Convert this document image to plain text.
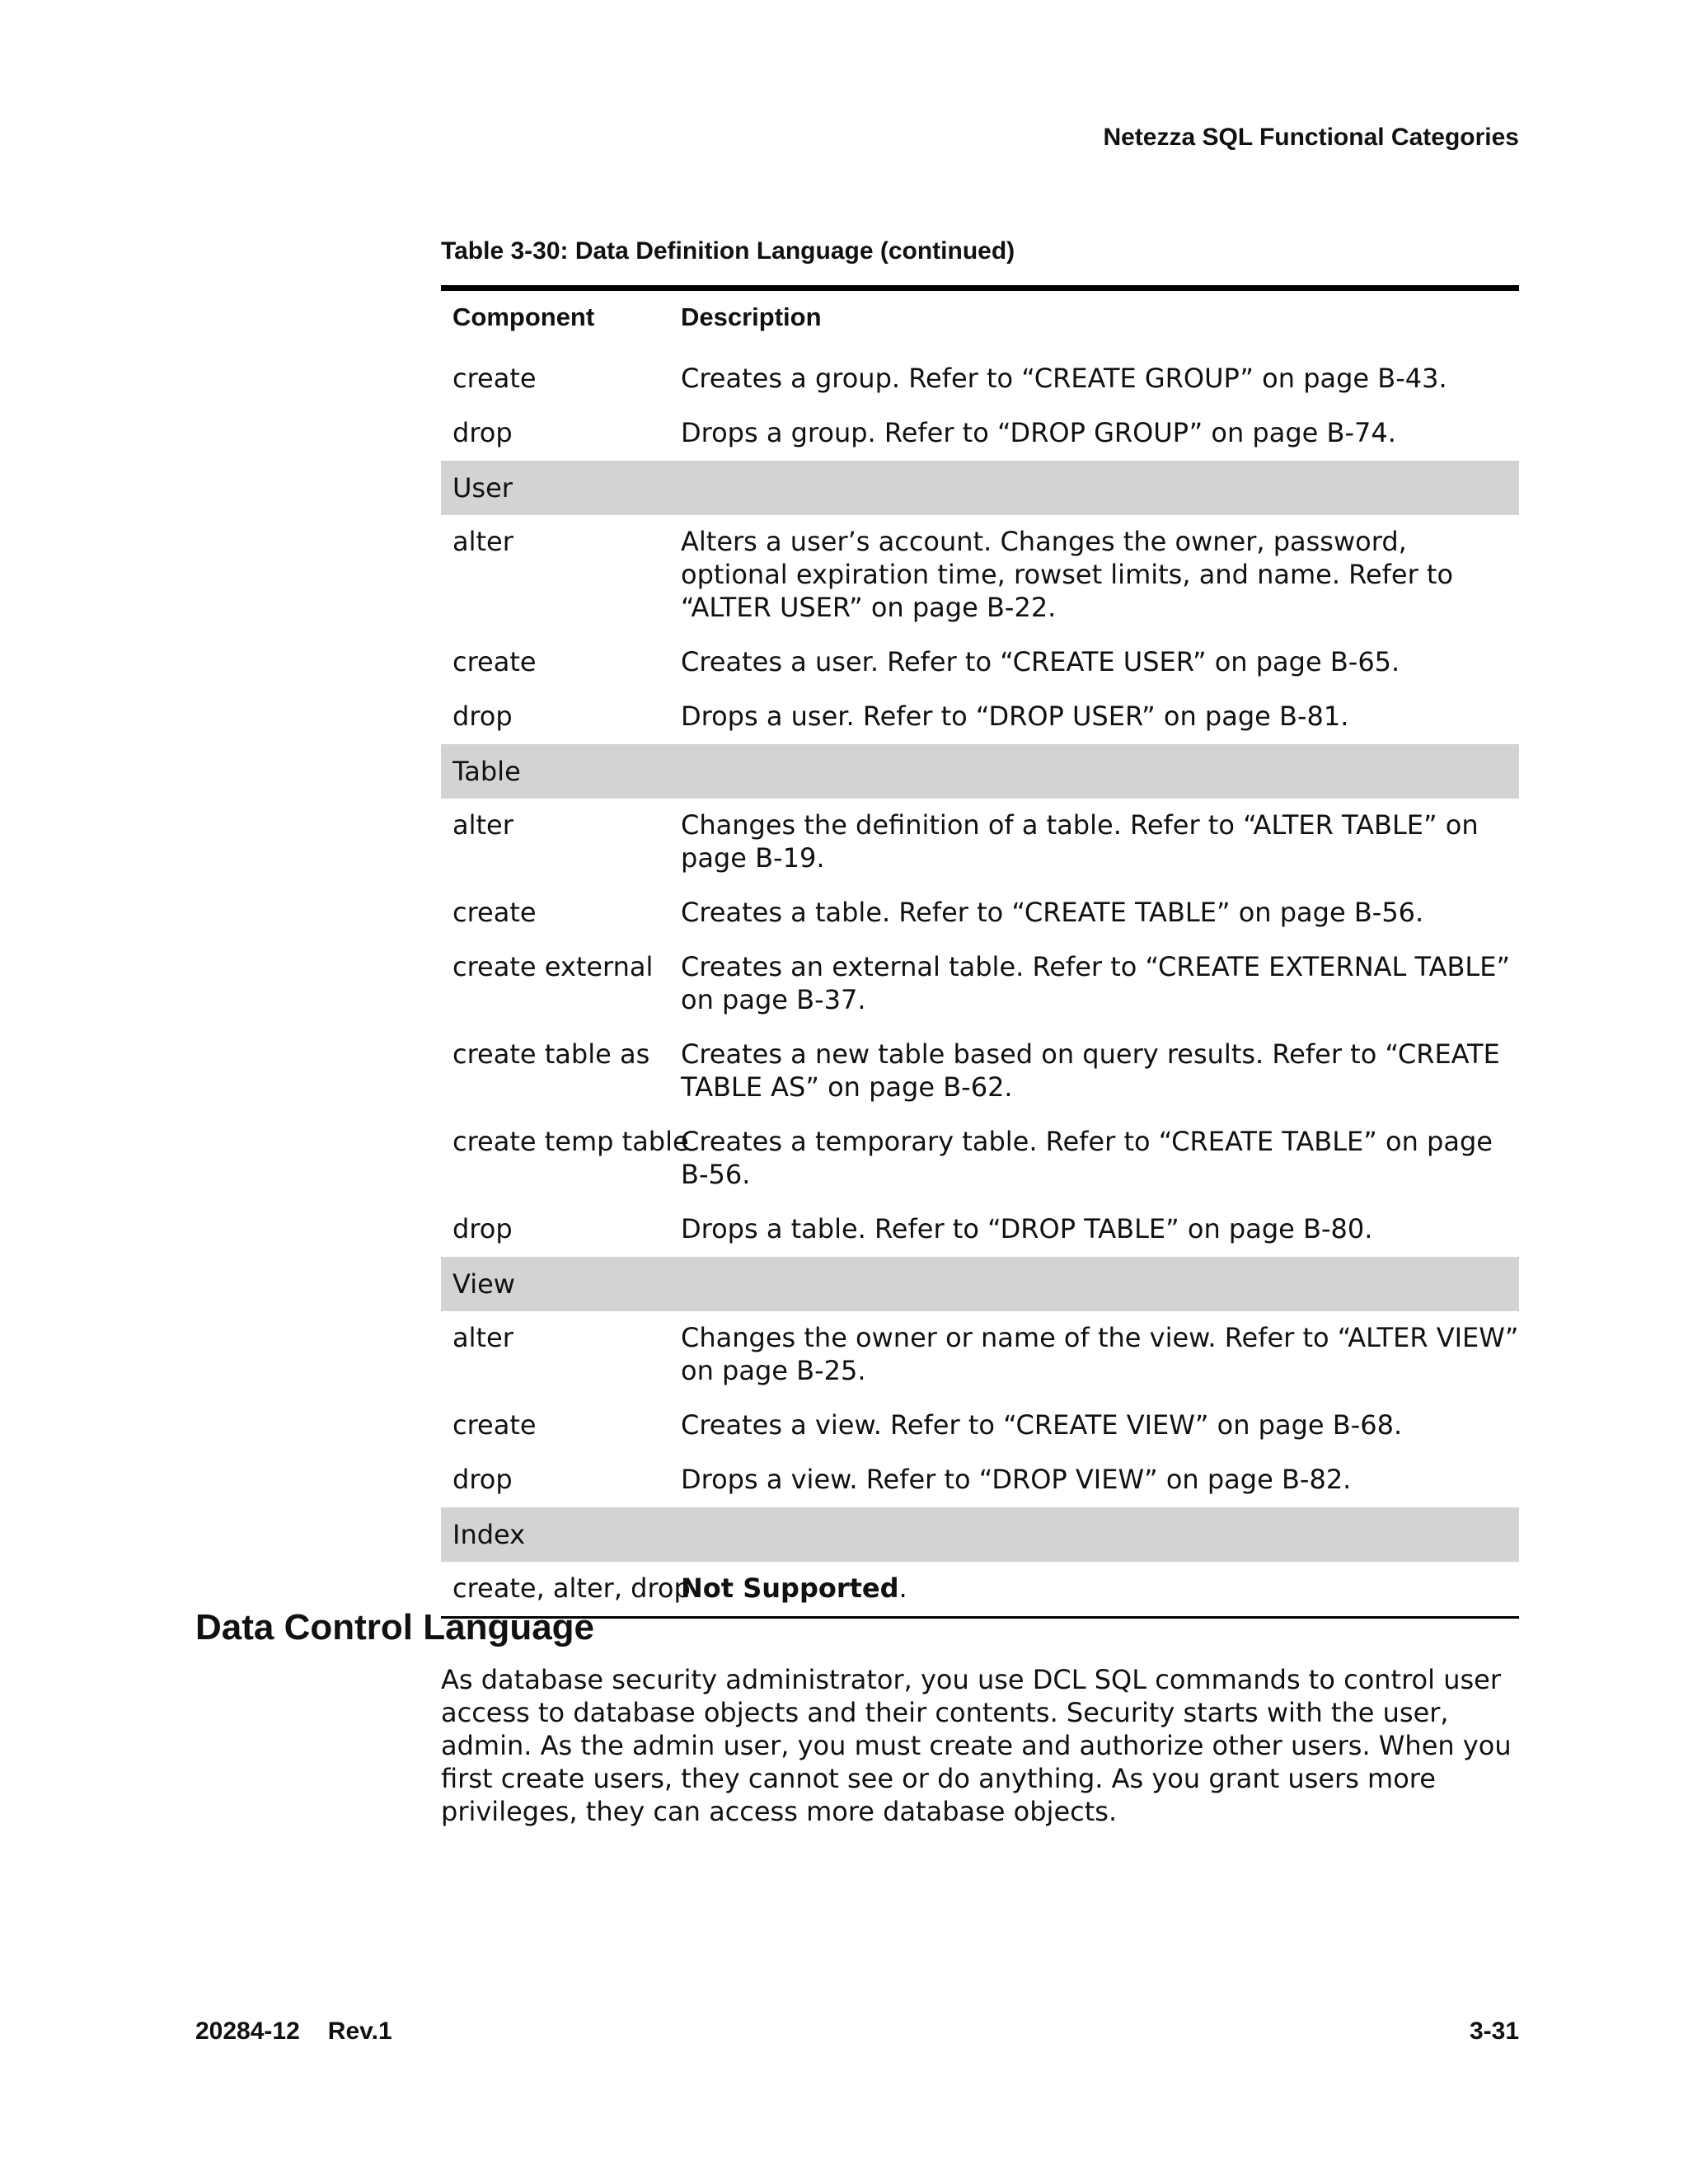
Netezza SQL Functional Categories
Table 3-30: Data Definition Language (continued)
Component	Description
create	Creates a group. Refer to “CREATE GROUP” on page B-43.
drop	Drops a group. Refer to “DROP GROUP” on page B-74.
User	
alter	Alters a user’s account. Changes the owner, password, optional expiration time, rowset limits, and name. Refer to “ALTER USER” on page B-22.
create	Creates a user. Refer to “CREATE USER” on page B-65.
drop	Drops a user. Refer to “DROP USER” on page B-81.
Table	
alter	Changes the definition of a table. Refer to “ALTER TABLE” on page B-19.
create	Creates a table. Refer to “CREATE TABLE” on page B-56.
create external	Creates an external table. Refer to “CREATE EXTERNAL TABLE” on page B-37.
create table as	Creates a new table based on query results. Refer to “CREATE TABLE AS” on page B-62.
create temp table	Creates a temporary table. Refer to “CREATE TABLE” on page B-56.
drop	Drops a table. Refer to “DROP TABLE” on page B-80.
View	
alter	Changes the owner or name of the view. Refer to “ALTER VIEW” on page B-25.
create	Creates a view. Refer to “CREATE VIEW” on page B-68.
drop	Drops a view. Refer to “DROP VIEW” on page B-82.
Index	
create, alter, drop	Not Supported.
Data Control Language
As database security administrator, you use DCL SQL commands to control user access to database objects and their contents. Security starts with the user, admin. As the admin user, you must create and authorize other users. When you first create users, they cannot see or do anything. As you grant users more privileges, they can access more database objects.
20284-12 Rev.1	3-31
